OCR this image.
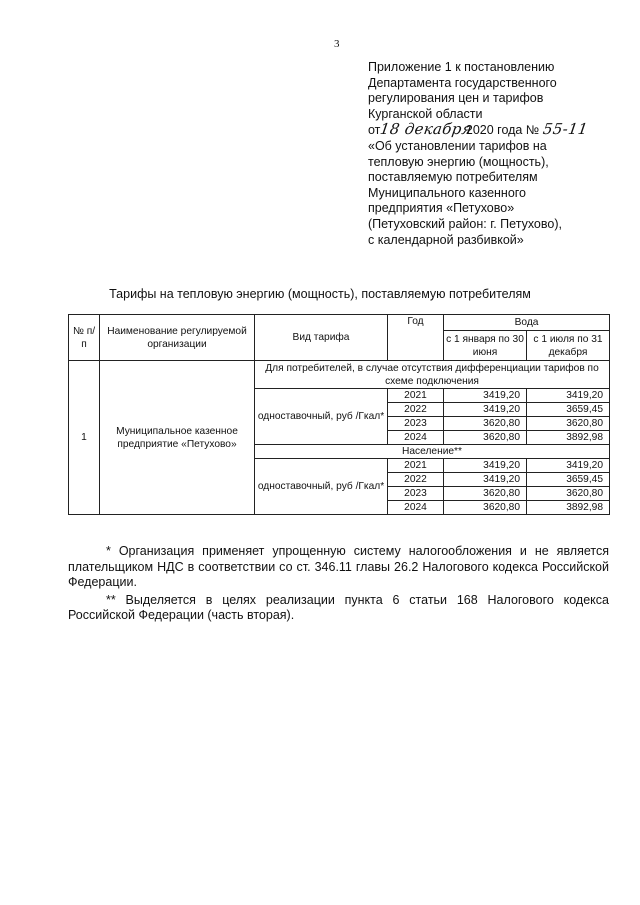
3
Приложение 1 к постановлению
Департамента государственного
регулирования цен и тарифов
Курганской области
от18 декабря 2020 года № 55-11
«Об установлении тарифов на
тепловую энергию (мощность),
поставляемую потребителям
Муниципального казенного
предприятия «Петухово»
(Петуховский район: г. Петухово),
с календарной разбивкой»
Тарифы на тепловую энергию (мощность), поставляемую потребителям
№ п/п	Наименование регулируемой организации	Вид тарифа	Год	Вода	
				с 1 января по 30 июня	с 1 июля по 31 декабря
1	Муниципальное казенное предприятие «Петухово»	Для потребителей, в случае отсутствия дифференциации тарифов по схеме подключения			
		одноставочный, руб /Гкал*	2021	3419,20	3419,20
			2022	3419,20	3659,45
			2023	3620,80	3620,80
			2024	3620,80	3892,98
		Население**			
		одноставочный, руб /Гкал*	2021	3419,20	3419,20
			2022	3419,20	3659,45
			2023	3620,80	3620,80
			2024	3620,80	3892,98

* Организация применяет упрощенную систему налогообложения и не является плательщиком НДС в соответствии со ст. 346.11 главы 26.2 Налогового кодекса Российской Федерации.

** Выделяется в целях реализации пункта 6 статьи 168 Налогового кодекса Российской Федерации (часть вторая).
